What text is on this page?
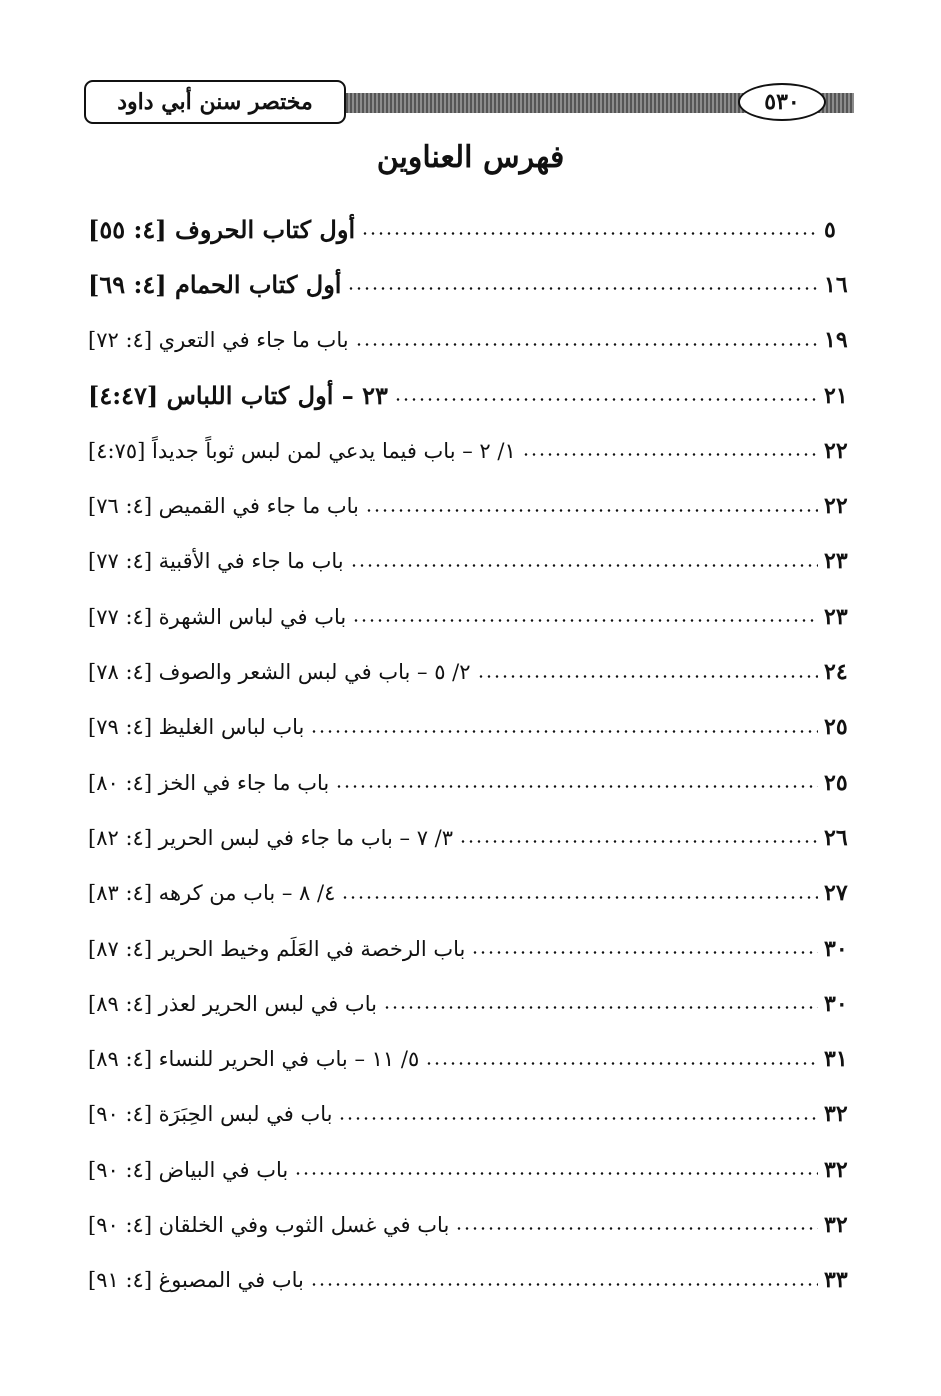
مختصر سنن أبي داود	٥٣٠
فهرس العناوين
أول كتاب الحروف [٤: ٥٥]	٥
أول كتاب الحمام [٤: ٦٩]	١٦
باب ما جاء في التعري [٤: ٧٢]	١٩
٢٣ – أول كتاب اللباس [٤:٤٧]	٢١
١/ ٢ – باب فيما يدعي لمن لبس ثوباً جديداً [٤:٧٥]	٢٢
باب ما جاء في القميص [٤: ٧٦]	٢٢
باب ما جاء في الأقبية [٤: ٧٧]	٢٣
باب في لباس الشهرة [٤: ٧٧]	٢٣
٢/ ٥ – باب في لبس الشعر والصوف [٤: ٧٨]	٢٤
باب لباس الغليظ [٤: ٧٩]	٢٥
باب ما جاء في الخز [٤: ٨٠]	٢٥
٣/ ٧ – باب ما جاء في لبس الحرير [٤: ٨٢]	٢٦
٤/ ٨ – باب من كرهه [٤: ٨٣]	٢٧
باب الرخصة في العَلَم وخيط الحرير [٤: ٨٧]	٣٠
باب في لبس الحرير لعذر [٤: ٨٩]	٣٠
٥/ ١١ – باب في الحرير للنساء [٤: ٨٩]	٣١
باب في لبس الحِبَرَة [٤: ٩٠]	٣٢
باب في البياض [٤: ٩٠]	٣٢
باب في غسل الثوب وفي الخلقان [٤: ٩٠]	٣٢
باب في المصبوغ [٤: ٩١]	٣٣
